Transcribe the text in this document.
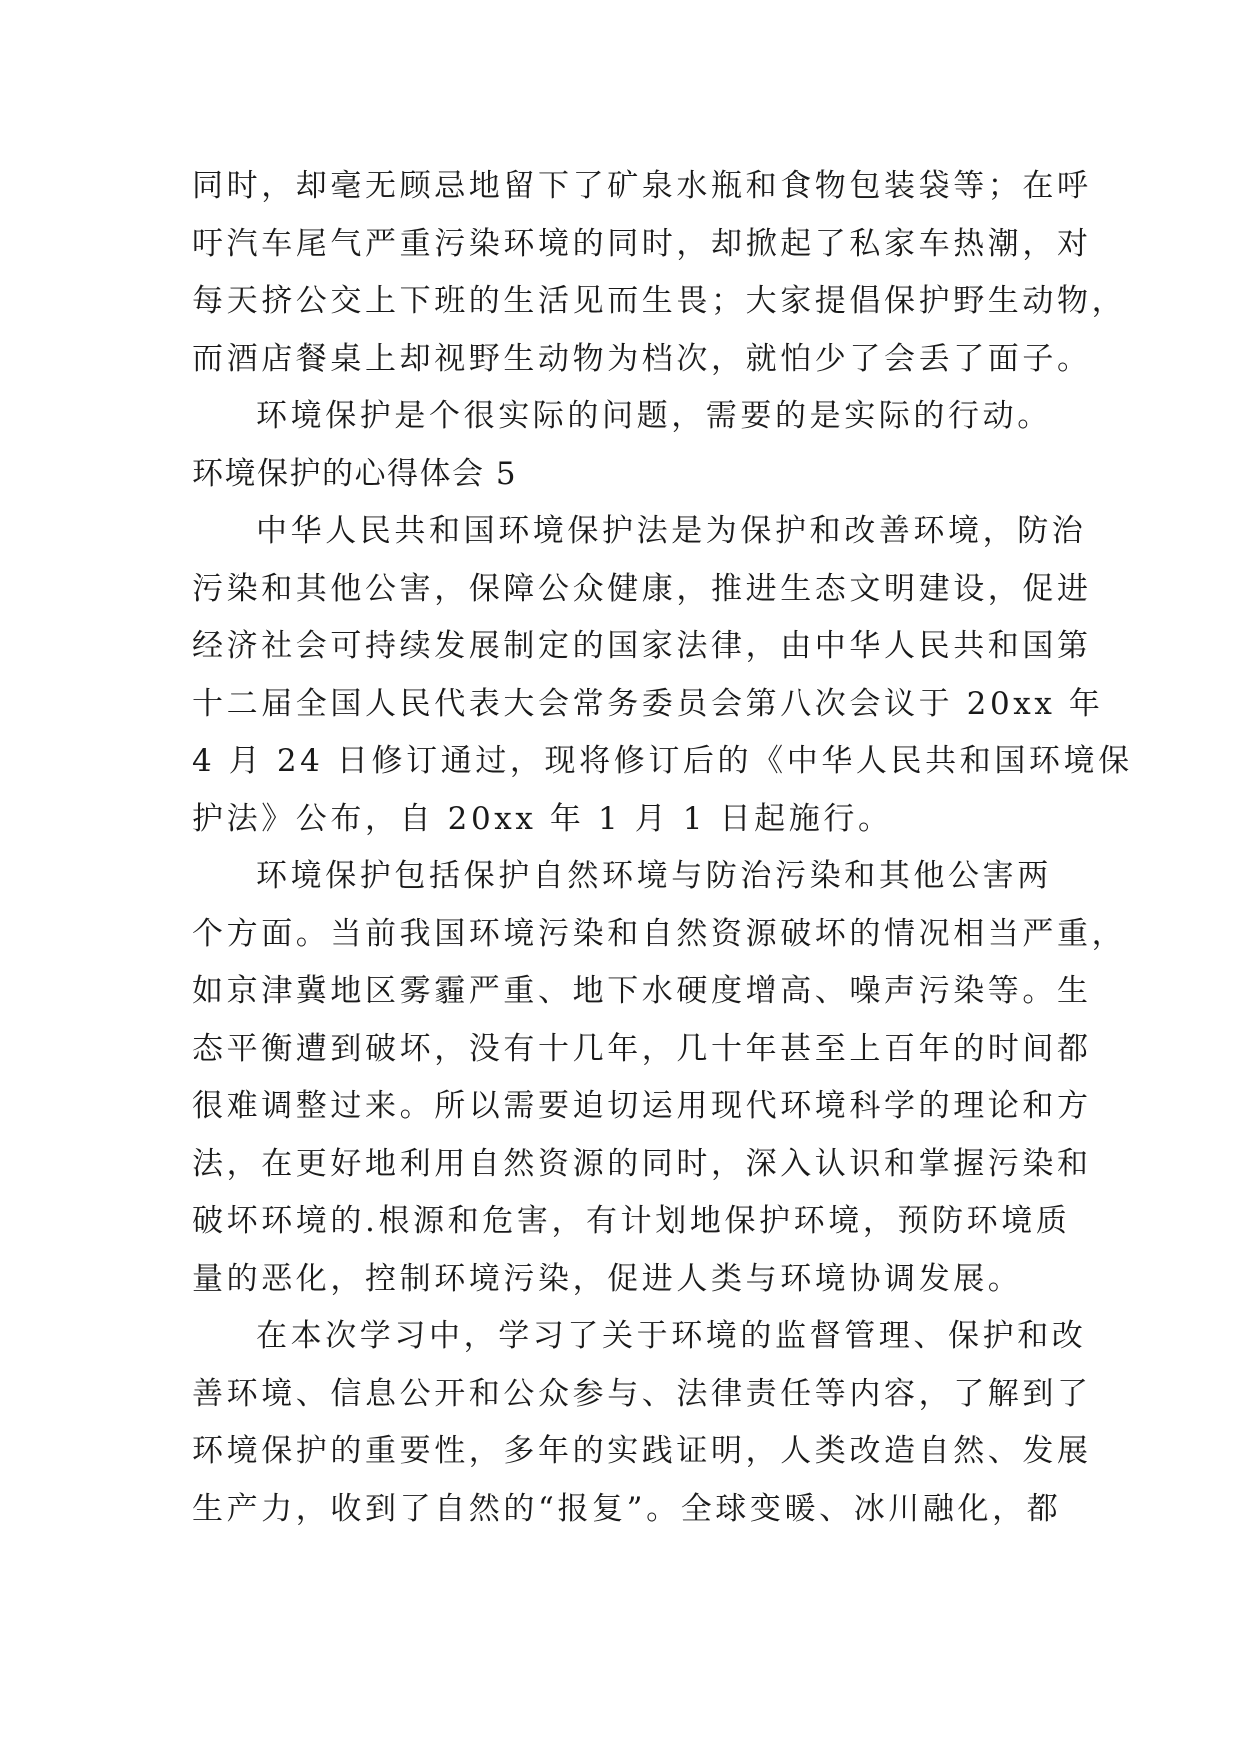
同时，却毫无顾忌地留下了矿泉水瓶和食物包装袋等；在呼
吁汽车尾气严重污染环境的同时，却掀起了私家车热潮，对
每天挤公交上下班的生活见而生畏；大家提倡保护野生动物，
而酒店餐桌上却视野生动物为档次，就怕少了会丢了面子。
环境保护是个很实际的问题，需要的是实际的行动。
环境保护的心得体会 5
中华人民共和国环境保护法是为保护和改善环境，防治
污染和其他公害，保障公众健康，推进生态文明建设，促进
经济社会可持续发展制定的国家法律，由中华人民共和国第
十二届全国人民代表大会常务委员会第八次会议于 20xx 年
4 月 24 日修订通过，现将修订后的《中华人民共和国环境保
护法》公布，自 20xx 年 1 月 1 日起施行。
环境保护包括保护自然环境与防治污染和其他公害两
个方面。当前我国环境污染和自然资源破坏的情况相当严重，
如京津冀地区雾霾严重、地下水硬度增高、噪声污染等。生
态平衡遭到破坏，没有十几年，几十年甚至上百年的时间都
很难调整过来。所以需要迫切运用现代环境科学的理论和方
法，在更好地利用自然资源的同时，深入认识和掌握污染和
破坏环境的.根源和危害，有计划地保护环境，预防环境质
量的恶化，控制环境污染，促进人类与环境协调发展。
在本次学习中，学习了关于环境的监督管理、保护和改
善环境、信息公开和公众参与、法律责任等内容，了解到了
环境保护的重要性，多年的实践证明，人类改造自然、发展
生产力，收到了自然的“报复”。全球变暖、冰川融化，都
